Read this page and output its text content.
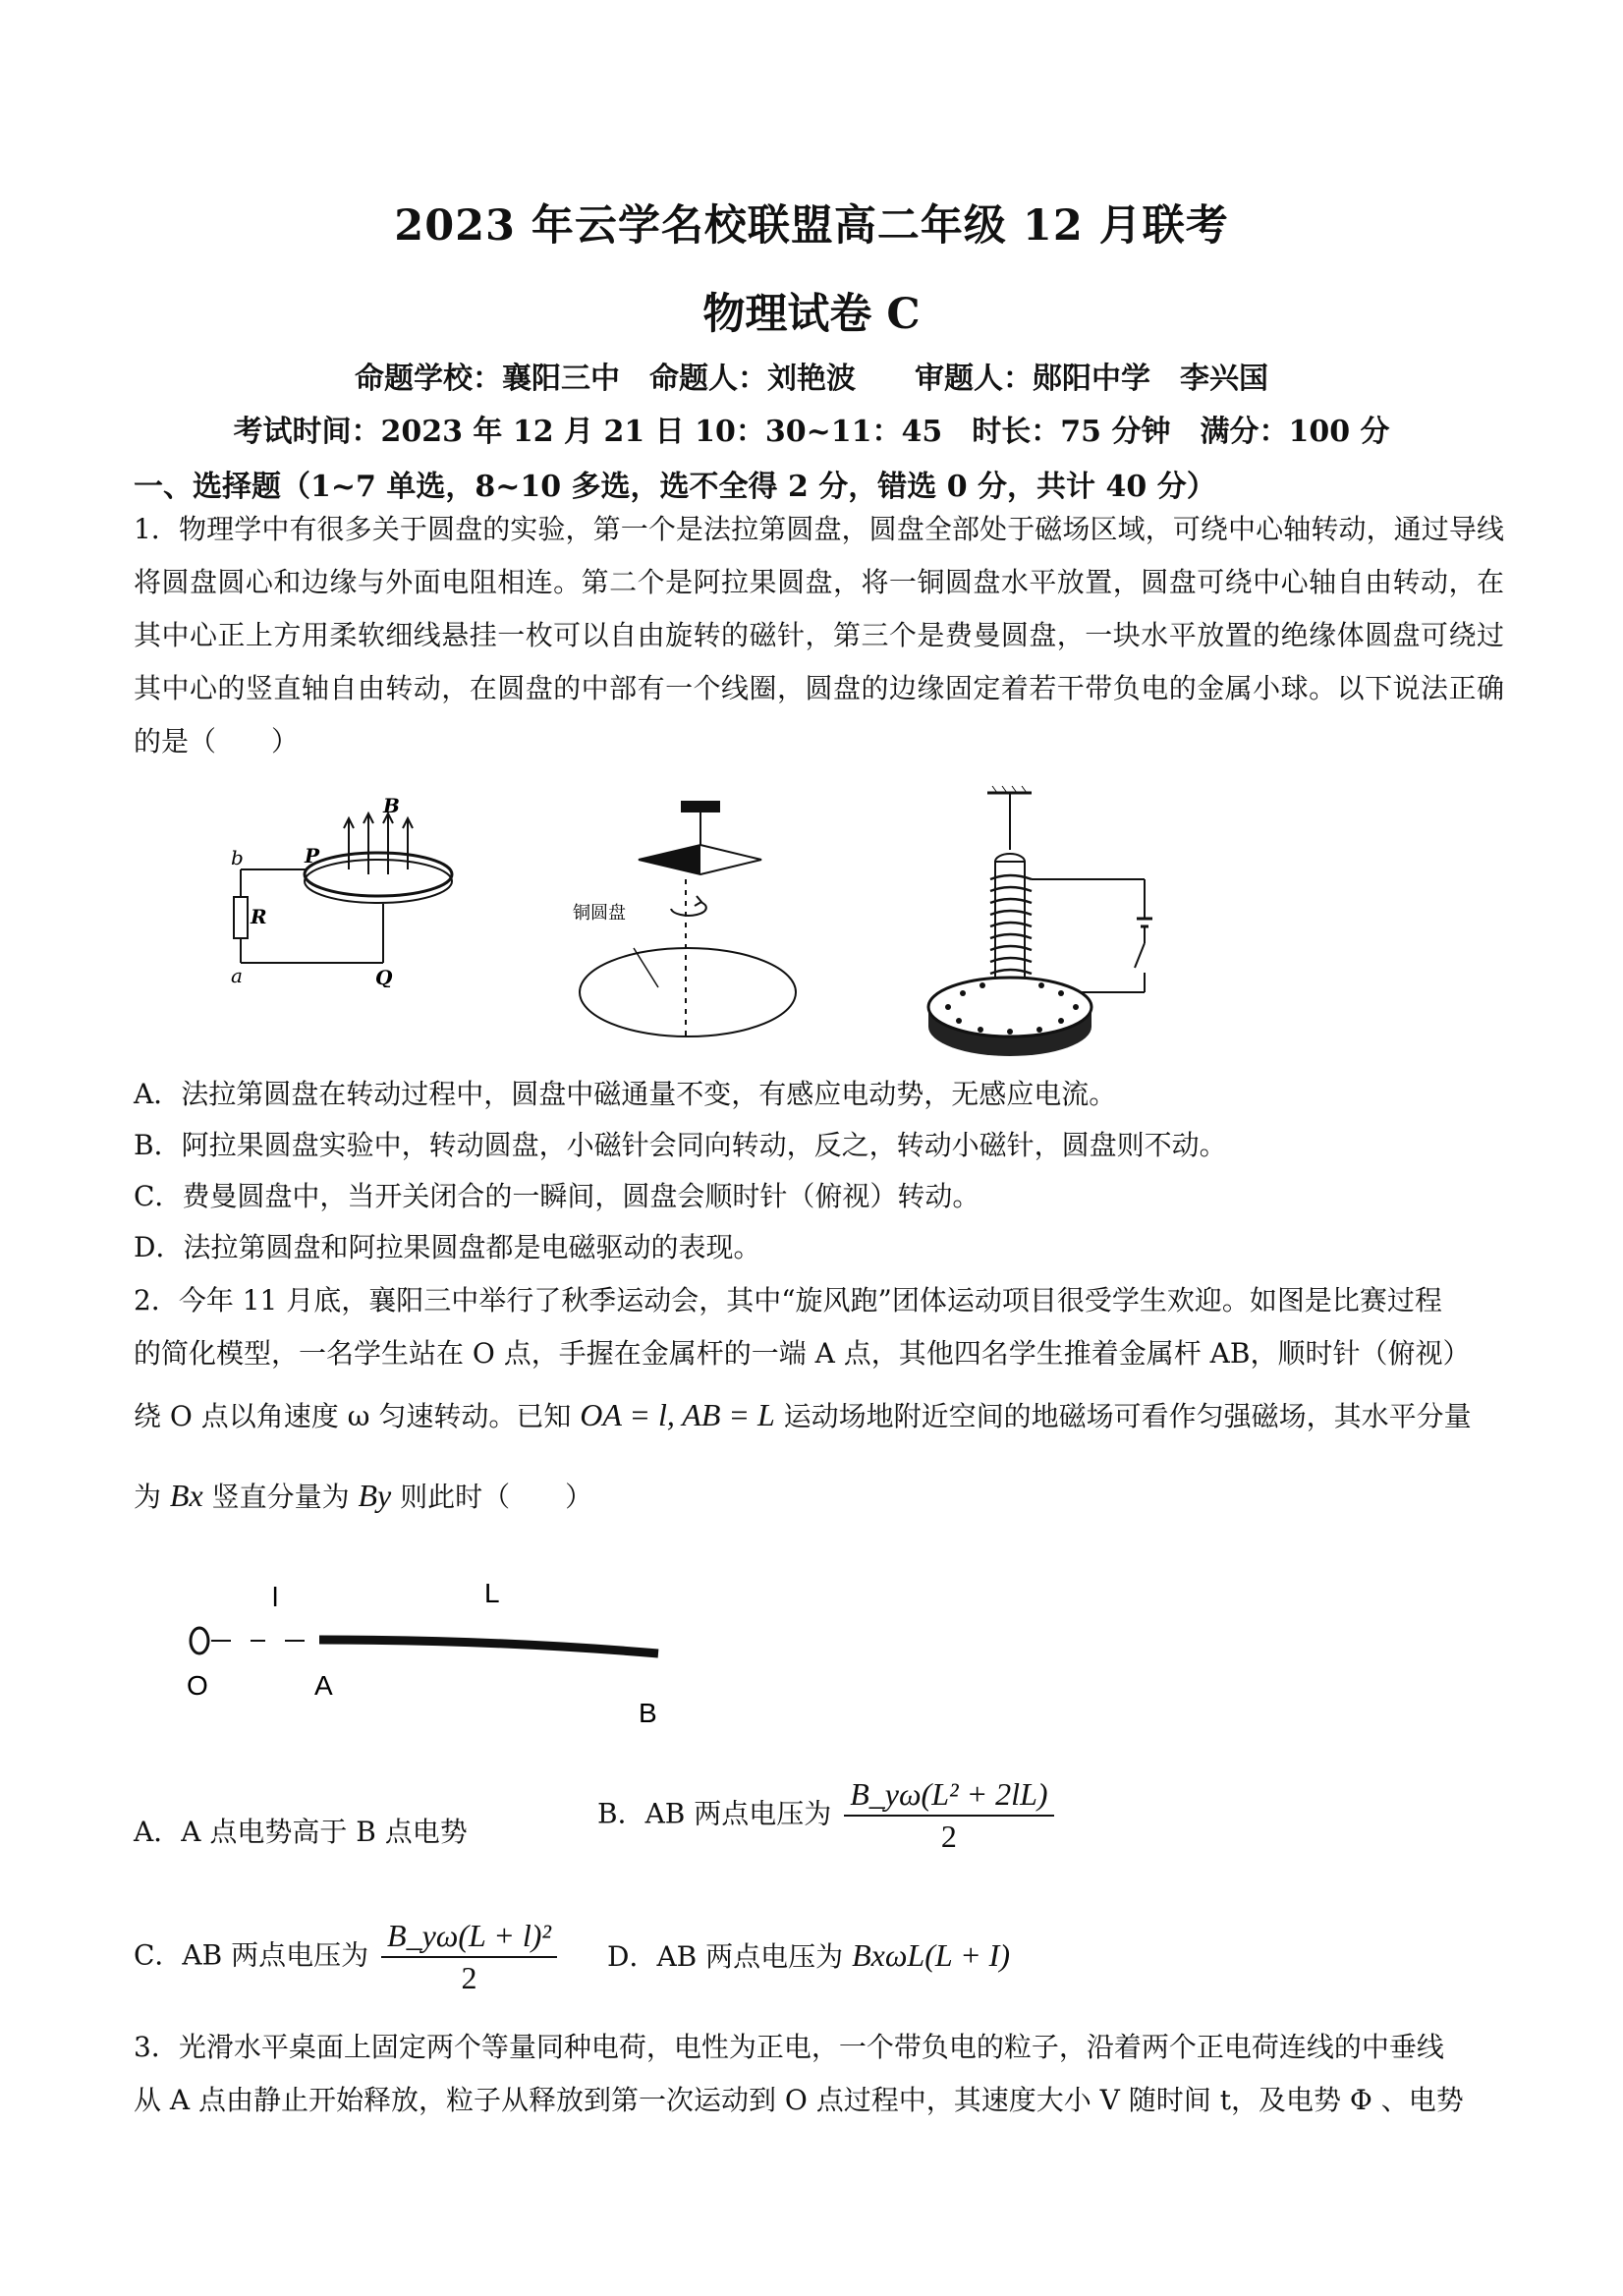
2023 年云学名校联盟高二年级 12 月联考
物理试卷 C
命题学校：襄阳三中　命题人：刘艳波　　审题人：郧阳中学　李兴国
考试时间：2023 年 12 月 21 日 10：30~11：45　时长：75 分钟　满分：100 分
一、选择题（1~7 单选，8~10 多选，选不全得 2 分，错选 0 分，共计 40 分）
1．物理学中有很多关于圆盘的实验，第一个是法拉第圆盘，圆盘全部处于磁场区域，可绕中心轴转动，通过导线将圆盘圆心和边缘与外面电阻相连。第二个是阿拉果圆盘，将一铜圆盘水平放置，圆盘可绕中心轴自由转动，在其中心正上方用柔软细线悬挂一枚可以自由旋转的磁针，第三个是费曼圆盘，一块水平放置的绝缘体圆盘可绕过其中心的竖直轴自由转动，在圆盘的中部有一个线圈，圆盘的边缘固定着若干带负电的金属小球。以下说法正确的是（　　）
B
b	P
R
a	Q
铜圆盘
A．法拉第圆盘在转动过程中，圆盘中磁通量不变，有感应电动势，无感应电流。
B．阿拉果圆盘实验中，转动圆盘，小磁针会同向转动，反之，转动小磁针，圆盘则不动。
C．费曼圆盘中，当开关闭合的一瞬间，圆盘会顺时针（俯视）转动。
D．法拉第圆盘和阿拉果圆盘都是电磁驱动的表现。
2．今年 11 月底，襄阳三中举行了秋季运动会，其中“旋风跑”团体运动项目很受学生欢迎。如图是比赛过程
的简化模型，一名学生站在 O 点，手握在金属杆的一端 A 点，其他四名学生推着金属杆 AB，顺时针（俯视）
绕 O 点以角速度 ω 匀速转动。已知 OA = l, AB = L 运动场地附近空间的地磁场可看作匀强磁场，其水平分量
为 Bx 竖直分量为 By 则此时（　　）
l	L
O	A
B
A．A 点电势高于 B 点电势
B．AB 两点电压为 $\frac{\text{B\_yω(L² + 2lL)}}{2}$
C．AB 两点电压为 $\frac{\text{B\_yω(L + l)²}}{2}$ D．AB 两点电压为 BxωL(L + I)
3．光滑水平桌面上固定两个等量同种电荷，电性为正电，一个带负电的粒子，沿着两个正电荷连线的中垂线
从 A 点由静止开始释放，粒子从释放到第一次运动到 O 点过程中，其速度大小 V 随时间 t，及电势 Φ 、电势
